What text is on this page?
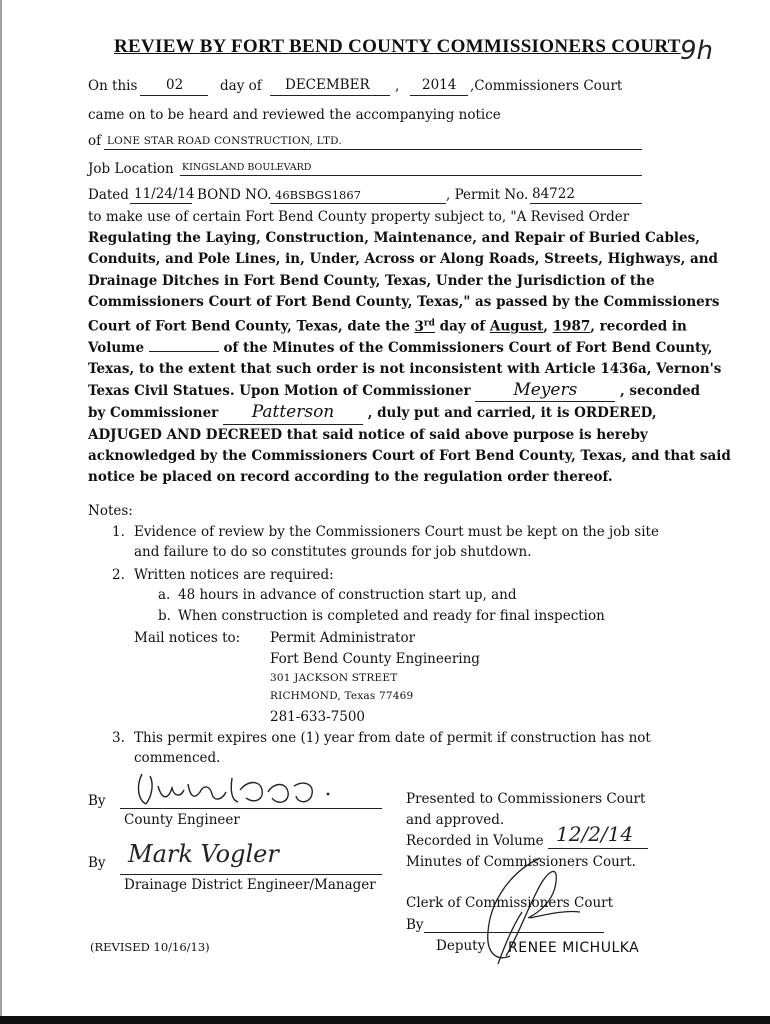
REVIEW BY FORT BEND COUNTY COMMISSIONERS COURT 9h
On this 02	day of DECEMBER , 2014 ,Commissioners Court
came on to be heard and reviewed the accompanying notice
of LONE STAR ROAD CONSTRUCTION, LTD.
Job Location KINGSLAND BOULEVARD
Dated 11/24/14 BOND NO. 46BSBGS1867	, Permit No. 84722
to make use of certain Fort Bend County property subject to, "A Revised Order
Regulating the Laying, Construction, Maintenance, and Repair of Buried Cables,
Conduits, and Pole Lines, in, Under, Across or Along Roads, Streets, Highways, and
Drainage Ditches in Fort Bend County, Texas, Under the Jurisdiction of the
Commissioners Court of Fort Bend County, Texas," as passed by the Commissioners
Court of Fort Bend County, Texas, date the 3rd day of August, 1987, recorded in
Volume	of the Minutes of the Commissioners Court of Fort Bend County,
Texas, to the extent that such order is not inconsistent with Article 1436a, Vernon's
Texas Civil Statues. Upon Motion of Commissioner	Meyers	, seconded
by Commissioner Patterson , duly put and carried, it is ORDERED,
ADJUGED AND DECREED that said notice of said above purpose is hereby
acknowledged by the Commissioners Court of Fort Bend County, Texas, and that said
notice be placed on record according to the regulation order thereof.
Notes:
1. Evidence of review by the Commissioners Court must be kept on the job site
and failure to do so constitutes grounds for job shutdown.
2. Written notices are required:
a. 48 hours in advance of construction start up, and
b. When construction is completed and ready for final inspection
Mail notices to: Permit Administrator
Fort Bend County Engineering
301 JACKSON STREET
RICHMOND, Texas 77469
281-633-7500
3. This permit expires one (1) year from date of permit if construction has not
commenced.
By
County Engineer
By Mark Vogler
Drainage District Engineer/Manager
Presented to Commissioners Court
and approved.
Recorded in Volume 12/2/14
Minutes of Commissioners Court.
Clerk of Commissioners Court
By
Deputy RENEE MICHULKA
(REVISED 10/16/13)
